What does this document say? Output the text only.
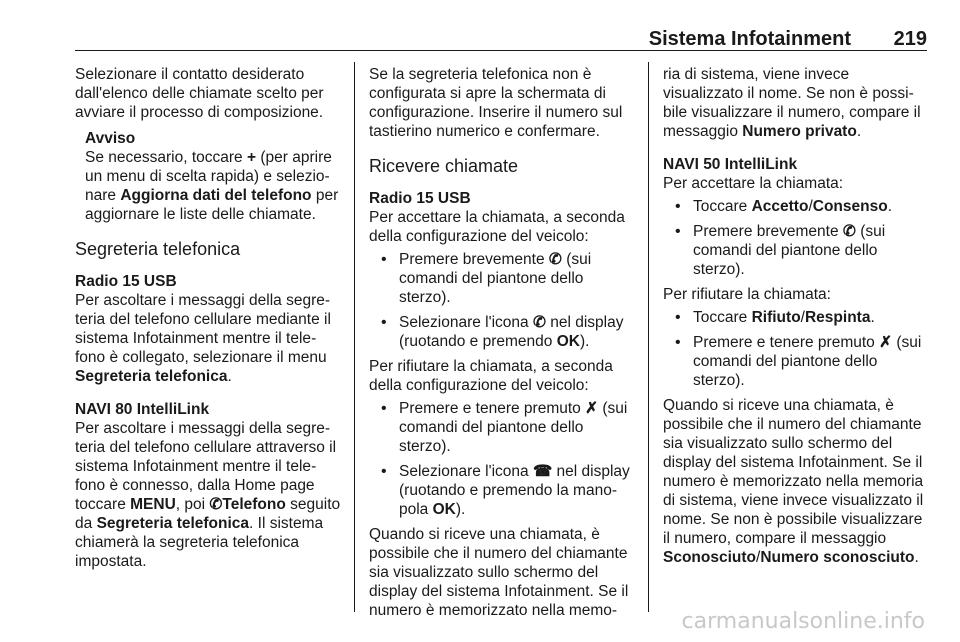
Sistema Infotainment 219

Selezionare il contatto desiderato dall'elenco delle chiamate scelto per avviare il processo di composizione.

Avviso

Se necessario, toccare + (per aprire un menu di scelta rapida) e selezionare Aggiorna dati del telefono per aggiornare le liste delle chiamate.

Segreteria telefonica
Radio 15 USB

Per ascoltare i messaggi della segreteria del telefono cellulare mediante il sistema Infotainment mentre il telefono è collegato, selezionare il menu Segreteria telefonica.

NAVI 80 IntelliLink

Per ascoltare i messaggi della segreteria del telefono cellulare attraverso il sistema Infotainment mentre il telefono è connesso, dalla Home page toccare MENU, poi ✆Telefono seguito da Segreteria telefonica. Il sistema chiamerà la segreteria telefonica impostata.

Se la segreteria telefonica non è configurata si apre la schermata di configurazione. Inserire il numero sul tastierino numerico e confermare.

Ricevere chiamate
Radio 15 USB

Per accettare la chiamata, a seconda della configurazione del veicolo:

• Premere brevemente ✆ (sui comandi del piantone dello sterzo).
• Selezionare l'icona ✆ nel display (ruotando e premendo OK).

Per rifiutare la chiamata, a seconda della configurazione del veicolo:

• Premere e tenere premuto ✗ (sui comandi del piantone dello sterzo).
• Selezionare l'icona ☎ nel display (ruotando e premendo la manopola OK).

Quando si riceve una chiamata, è possibile che il numero del chiamante sia visualizzato sullo schermo del display del sistema Infotainment. Se il numero è memorizzato nella memo-

ria di sistema, viene invece visualizzato il nome. Se non è possibile visualizzare il numero, compare il messaggio Numero privato.

NAVI 50 IntelliLink

Per accettare la chiamata:

• Toccare Accetto/Consenso.
• Premere brevemente ✆ (sui comandi del piantone dello sterzo).

Per rifiutare la chiamata:

• Toccare Rifiuto/Respinta.
• Premere e tenere premuto ✗ (sui comandi del piantone dello sterzo).

Quando si riceve una chiamata, è possibile che il numero del chiamante sia visualizzato sullo schermo del display del sistema Infotainment. Se il numero è memorizzato nella memoria di sistema, viene invece visualizzato il nome. Se non è possibile visualizzare il numero, compare il messaggio Sconosciuto/Numero sconosciuto.

carmanualsonline.info
